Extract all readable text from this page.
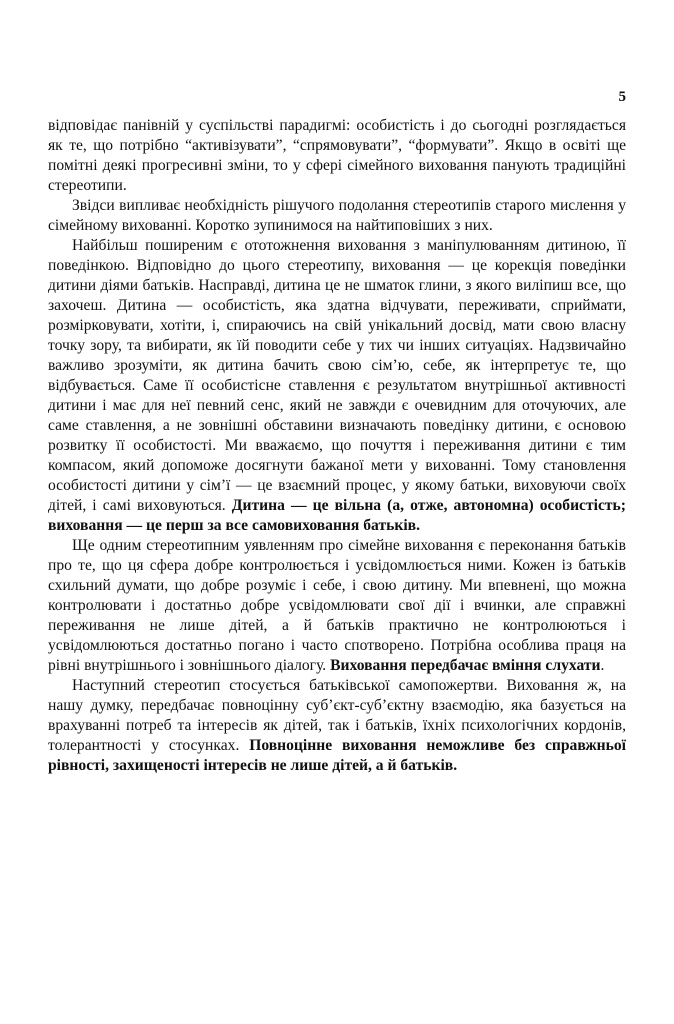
5

відповідає панівній у суспільстві парадигмі: особистість і до сьогодні розглядається як те, що потрібно “активізувати”, “спрямовувати”, “формувати”. Якщо в освіті ще помітні деякі прогресивні зміни, то у сфері сімейного виховання панують традиційні стереотипи.

Звідси випливає необхідність рішучого подолання стереотипів старого мислення у сімейному вихованні. Коротко зупинимося на найтиповіших з них.

Найбільш поширеним є ототожнення виховання з маніпулюванням дитиною, її поведінкою. Відповідно до цього стереотипу, виховання — це корекція поведінки дитини діями батьків. Насправді, дитина це не шматок глини, з якого виліпиш все, що захочеш. Дитина — особистість, яка здатна відчувати, переживати, сприймати, розмірковувати, хотіти, і, спираючись на свій унікальний досвід, мати свою власну точку зору, та вибирати, як їй поводити себе у тих чи інших ситуаціях. Надзвичайно важливо зрозуміти, як дитина бачить свою сім’ю, себе, як інтерпретує те, що відбувається. Саме її особистісне ставлення є результатом внутрішньої активності дитини і має для неї певний сенс, який не завжди є очевидним для оточуючих, але саме ставлення, а не зовнішні обставини визначають поведінку дитини, є основою розвитку її особистості. Ми вважаємо, що почуття і переживання дитини є тим компасом, який допоможе досягнути бажаної мети у вихованні. Тому становлення особистості дитини у сім’ї — це взаємний процес, у якому батьки, виховуючи своїх дітей, і самі виховуються. Дитина — це вільна (а, отже, автономна) особистість; виховання — це перш за все самовиховання батьків.

Ще одним стереотипним уявленням про сімейне виховання є переконання батьків про те, що ця сфера добре контролюється і усвідомлюється ними. Кожен із батьків схильний думати, що добре розуміє і себе, і свою дитину. Ми впевнені, що можна контролювати і достатньо добре усвідомлювати свої дії і вчинки, але справжні переживання не лише дітей, а й батьків практично не контролюються і усвідомлюються достатньо погано і часто спотворено. Потрібна особлива праця на рівні внутрішнього і зовнішнього діалогу. Виховання передбачає вміння слухати.

Наступний стереотип стосується батьківської самопожертви. Виховання ж, на нашу думку, передбачає повноцінну суб’єкт-суб’єктну взаємодію, яка базується на врахуванні потреб та інтересів як дітей, так і батьків, їхніх психологічних кордонів, толерантності у стосунках. Повноцінне виховання неможливе без справжньої рівності, захищеності інтересів не лише дітей, а й батьків.
